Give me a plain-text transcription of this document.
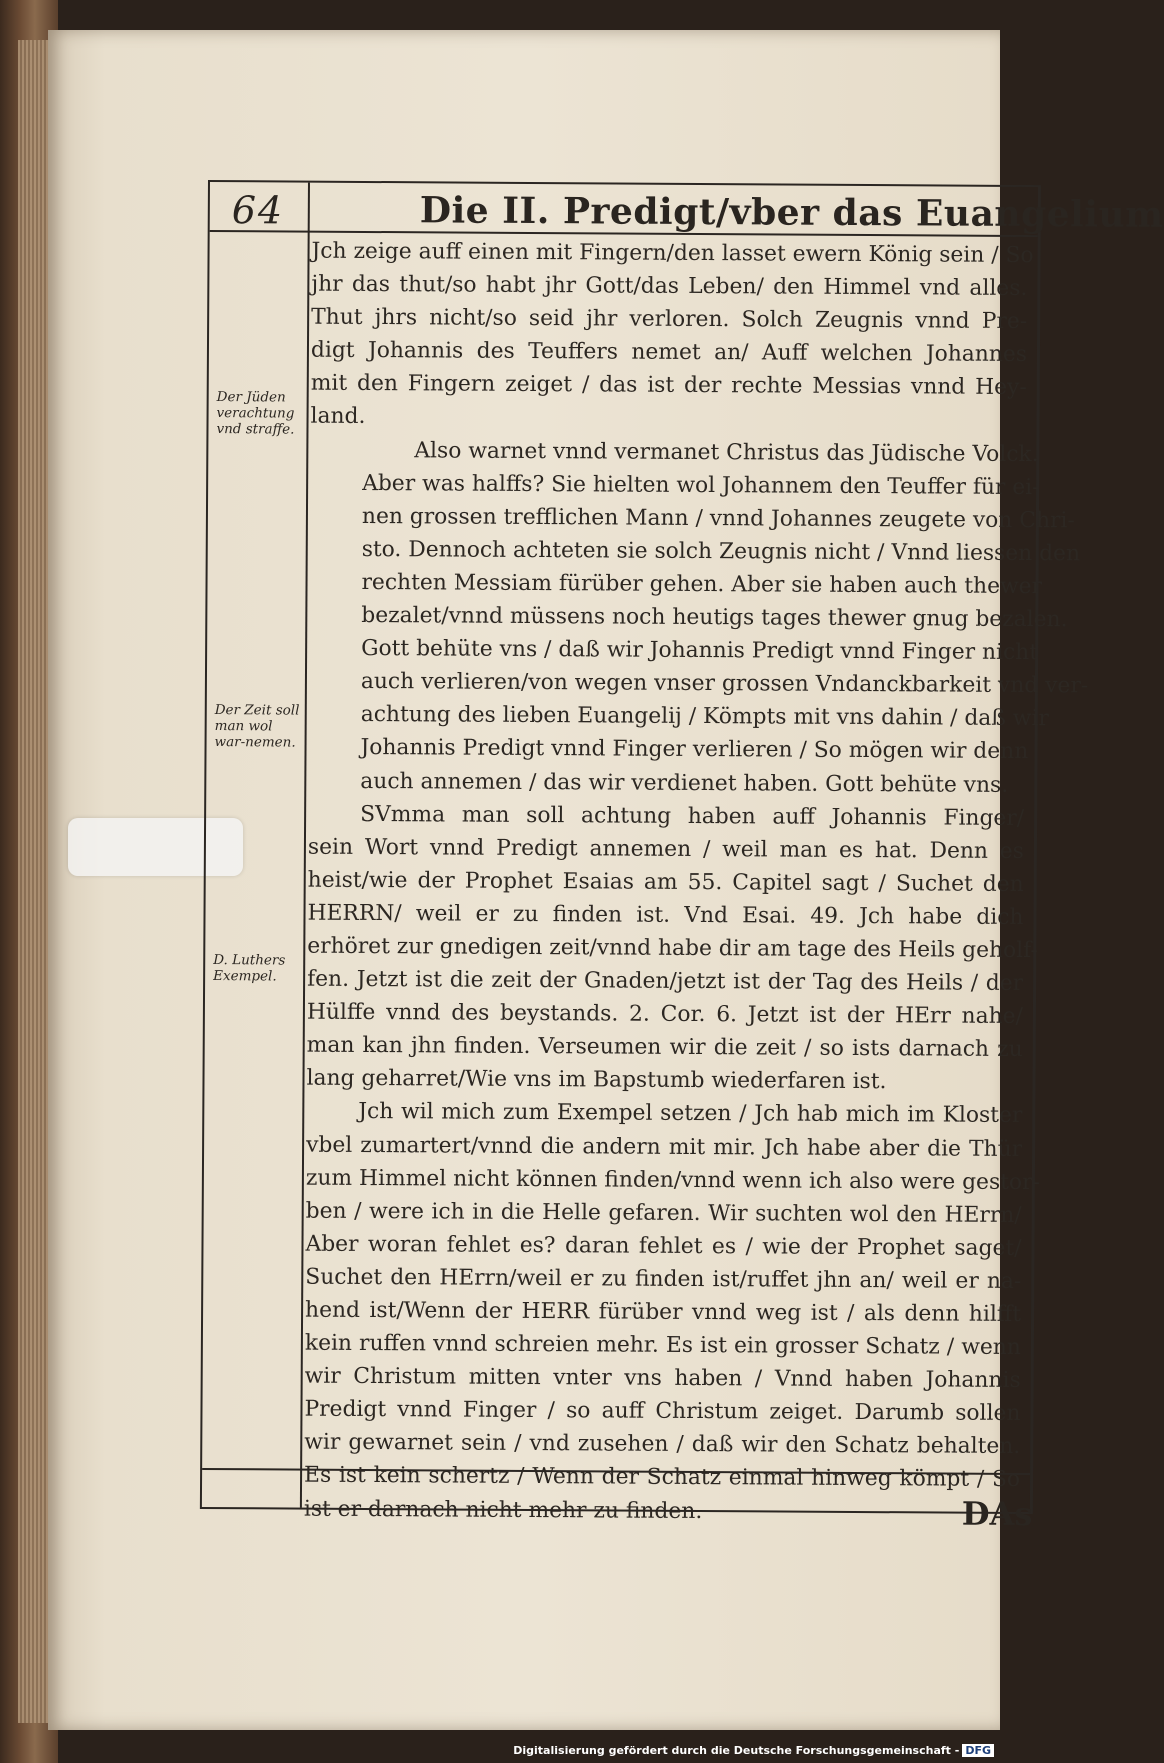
64	Die II. Predigt/vber das Euangelium
Der Jüden verachtung vnd straffe.
Der Zeit soll man wol war-nemen.
D. Luthers Exempel.

Jch zeige auff einen mit Fingern/den lasset ewern König sein / So
jhr das thut/so habt jhr Gott/das Leben/ den Himmel vnd alles.
Thut jhrs nicht/so seid jhr verloren. Solch Zeugnis vnnd Pre-
digt Johannis des Teuffers nemet an/ Auff welchen Johannes
mit den Fingern zeiget / das ist der rechte Messias vnnd Hey-
land.

Also warnet vnnd vermanet Christus das Jüdische Volck.
Aber was halffs? Sie hielten wol Johannem den Teuffer für ei-
nen grossen trefflichen Mann / vnnd Johannes zeugete von Chri-
sto. Dennoch achteten sie solch Zeugnis nicht / Vnnd liessen den
rechten Messiam fürüber gehen. Aber sie haben auch thewer
bezalet/vnnd müssens noch heutigs tages thewer gnug bezalen.
Gott behüte vns / daß wir Johannis Predigt vnnd Finger nicht
auch verlieren/von wegen vnser grossen Vndanckbarkeit vnd ver-
achtung des lieben Euangelij / Kömpts mit vns dahin / daß wir
Johannis Predigt vnnd Finger verlieren / So mögen wir denn
auch annemen / das wir verdienet haben. Gott behüte vns.

SVmma man soll achtung haben auff Johannis Finger/
sein Wort vnnd Predigt annemen / weil man es hat. Denn es
heist/wie der Prophet Esaias am 55. Capitel sagt / Suchet den
HERRN/ weil er zu finden ist. Vnd Esai. 49. Jch habe dich
erhöret zur gnedigen zeit/vnnd habe dir am tage des Heils geholf-
fen. Jetzt ist die zeit der Gnaden/jetzt ist der Tag des Heils / der
Hülffe vnnd des beystands. 2. Cor. 6. Jetzt ist der HErr nahe/
man kan jhn finden. Verseumen wir die zeit / so ists darnach zu
lang geharret/Wie vns im Bapstumb wiederfaren ist.

Jch wil mich zum Exempel setzen / Jch hab mich im Kloster
vbel zumartert/vnnd die andern mit mir. Jch habe aber die Thür
zum Himmel nicht können finden/vnnd wenn ich also were gestor-
ben / were ich in die Helle gefaren. Wir suchten wol den HErrn/
Aber woran fehlet es? daran fehlet es / wie der Prophet saget/
Suchet den HErrn/weil er zu finden ist/ruffet jhn an/ weil er na-
hend ist/Wenn der HERR fürüber vnnd weg ist / als denn hilfft
kein ruffen vnnd schreien mehr. Es ist ein grosser Schatz / wenn
wir Christum mitten vnter vns haben / Vnnd haben Johannis
Predigt vnnd Finger / so auff Christum zeiget. Darumb sollen
wir gewarnet sein / vnd zusehen / daß wir den Schatz behalten.
Es ist kein schertz / Wenn der Schatz einmal hinweg kömpt / So
ist er darnach nicht mehr zu finden.	DAs
Digitalisierung gefördert durch die Deutsche Forschungsgemeinschaft - DFG
